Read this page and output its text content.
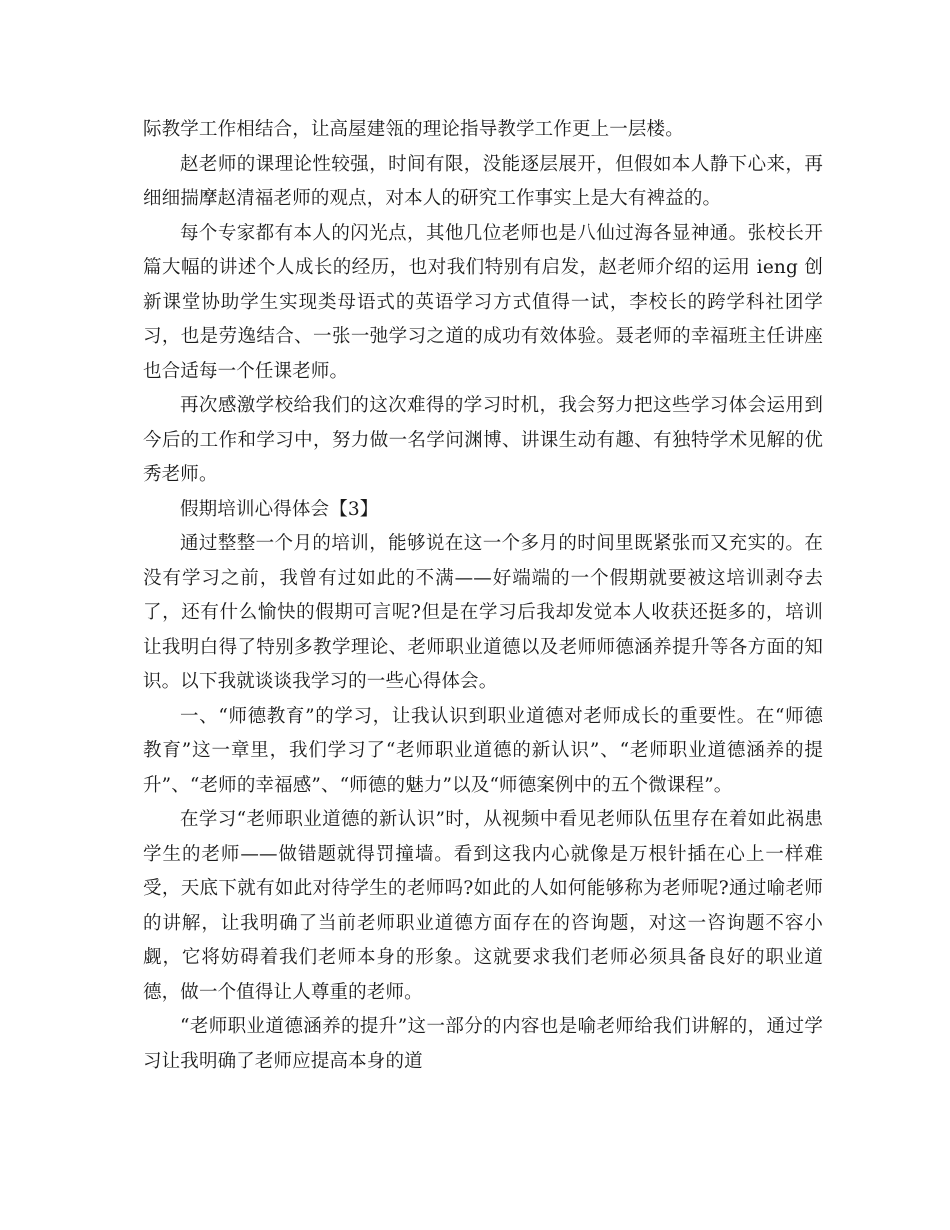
际教学工作相结合，让高屋建瓴的理论指导教学工作更上一层楼。

赵老师的课理论性较强，时间有限，没能逐层展开，但假如本人静下心来，再细细揣摩赵清福老师的观点，对本人的研究工作事实上是大有裨益的。

每个专家都有本人的闪光点，其他几位老师也是八仙过海各显神通。张校长开篇大幅的讲述个人成长的经历，也对我们特别有启发，赵老师介绍的运用 ieng 创新课堂协助学生实现类母语式的英语学习方式值得一试，李校长的跨学科社团学习，也是劳逸结合、一张一弛学习之道的成功有效体验。聂老师的幸福班主任讲座也合适每一个任课老师。

再次感激学校给我们的这次难得的学习时机，我会努力把这些学习体会运用到今后的工作和学习中，努力做一名学问渊博、讲课生动有趣、有独特学术见解的优秀老师。

假期培训心得体会【3】

通过整整一个月的培训，能够说在这一个多月的时间里既紧张而又充实的。在没有学习之前，我曾有过如此的不满——好端端的一个假期就要被这培训剥夺去了，还有什么愉快的假期可言呢?但是在学习后我却发觉本人收获还挺多的，培训让我明白得了特别多教学理论、老师职业道德以及老师师德涵养提升等各方面的知识。以下我就谈谈我学习的一些心得体会。

一、“师德教育”的学习，让我认识到职业道德对老师成长的重要性。在“师德教育”这一章里，我们学习了“老师职业道德的新认识”、“老师职业道德涵养的提升”、“老师的幸福感”、“师德的魅力”以及“师德案例中的五个微课程”。

在学习“老师职业道德的新认识”时，从视频中看见老师队伍里存在着如此祸患学生的老师——做错题就得罚撞墙。看到这我内心就像是万根针插在心上一样难受，天底下就有如此对待学生的老师吗?如此的人如何能够称为老师呢?通过喻老师的讲解，让我明确了当前老师职业道德方面存在的咨询题，对这一咨询题不容小觑，它将妨碍着我们老师本身的形象。这就要求我们老师必须具备良好的职业道德，做一个值得让人尊重的老师。

“老师职业道德涵养的提升”这一部分的内容也是喻老师给我们讲解的，通过学习让我明确了老师应提高本身的道
